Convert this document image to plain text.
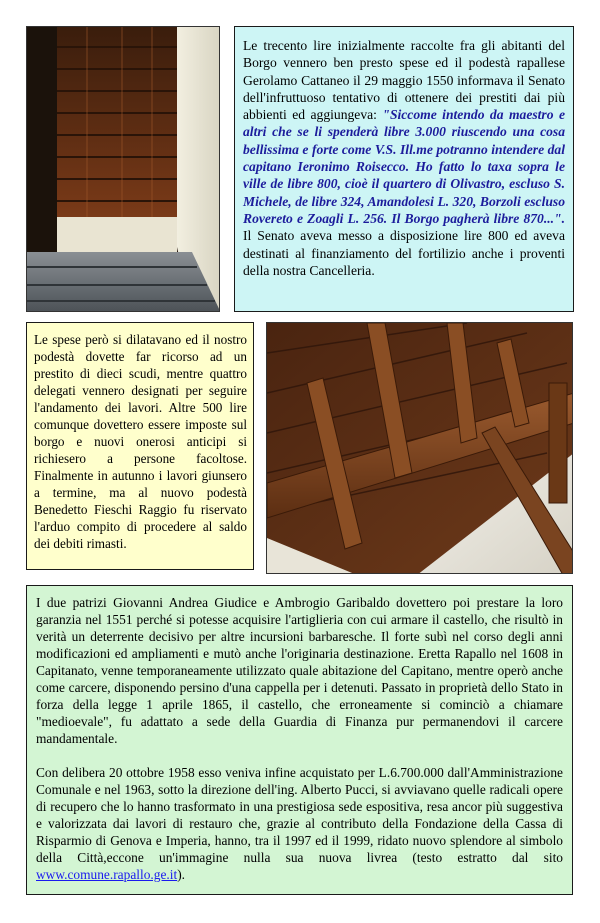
Le trecento lire inizialmente raccolte fra gli abitanti del Borgo vennero ben presto spese ed il podestà rapallese Gerolamo Cattaneo il 29 maggio 1550 informava il Senato dell'infruttuoso tentativo di ottenere dei prestiti dai più abbienti ed aggiungeva: "Siccome intendo da maestro e altri che se li spenderà libre 3.000 riuscendo una cosa bellissima e forte come V.S. Ill.me potranno intendere dal capitano Ieronimo Roisecco. Ho fatto lo taxa sopra le ville de libre 800, cioè il quartero di Olivastro, escluso S. Michele, de libre 324, Amandolesi L. 320, Borzoli escluso Rovereto e Zoagli L. 256. Il Borgo pagherà libre 870...". Il Senato aveva messo a disposizione lire 800 ed aveva destinati al finanziamento del fortilizio anche i proventi della nostra Cancelleria.

Le spese però si dilatavano ed il nostro podestà dovette far ricorso ad un prestito di dieci scudi, mentre quattro delegati vennero designati per seguire l'andamento dei lavori. Altre 500 lire comunque dovettero essere imposte sul borgo e nuovi onerosi anticipi si richiesero a persone facoltose. Finalmente in autunno i lavori giunsero a termine, ma al nuovo podestà Benedetto Fieschi Raggio fu riservato l'arduo compito di procedere al saldo dei debiti rimasti.

I due patrizi Giovanni Andrea Giudice e Ambrogio Garibaldo dovettero poi prestare la loro garanzia nel 1551 perché si potesse acquisire l'artiglieria con cui armare il castello, che risultò in verità un deterrente decisivo per altre incursioni barbaresche. Il forte subì nel corso degli anni modificazioni ed ampliamenti e mutò anche l'originaria destinazione. Eretta Rapallo nel 1608 in Capitanato, venne temporaneamente utilizzato quale abitazione del Capitano, mentre operò anche come carcere, disponendo persino d'una cappella per i detenuti. Passato in proprietà dello Stato in forza della legge 1 aprile 1865, il castello, che erroneamente si cominciò a chiamare "medioevale", fu adattato a sede della Guardia di Finanza pur permanendovi il carcere mandamentale.

Con delibera 20 ottobre 1958 esso veniva infine acquistato per L.6.700.000 dall'Amministrazione Comunale e nel 1963, sotto la direzione dell'ing. Alberto Pucci, si avviavano quelle radicali opere di recupero che lo hanno trasformato in una prestigiosa sede espositiva, resa ancor più suggestiva e valorizzata dai lavori di restauro che, grazie al contributo della Fondazione della Cassa di Risparmio di Genova e Imperia, hanno, tra il 1997 ed il 1999, ridato nuovo splendore al simbolo della Città,eccone un'immagine nulla sua nuova livrea (testo estratto dal sito www.comune.rapallo.ge.it).
